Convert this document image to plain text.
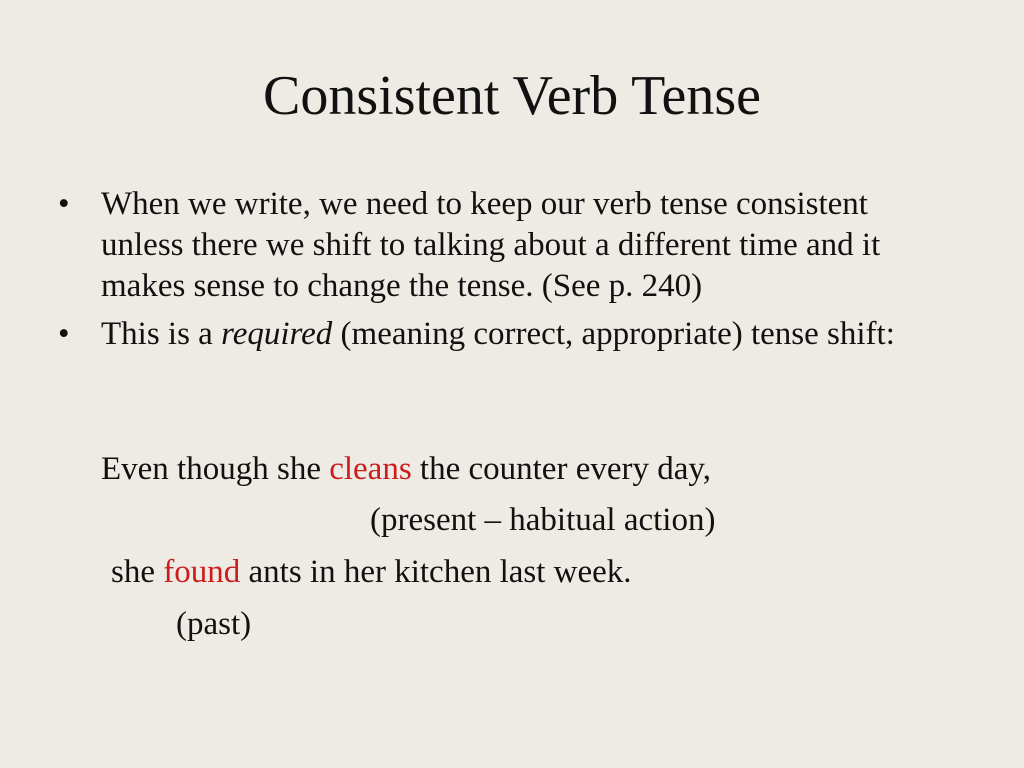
Consistent Verb Tense
• When we write, we need to keep our verb tense consistent unless there we shift to talking about a different time and it makes sense to change the tense. (See p. 240)
• This is a required (meaning correct, appropriate) tense shift:
Even though she cleans the counter every day,
(present – habitual action)
she found ants in her kitchen last week.
(past)
